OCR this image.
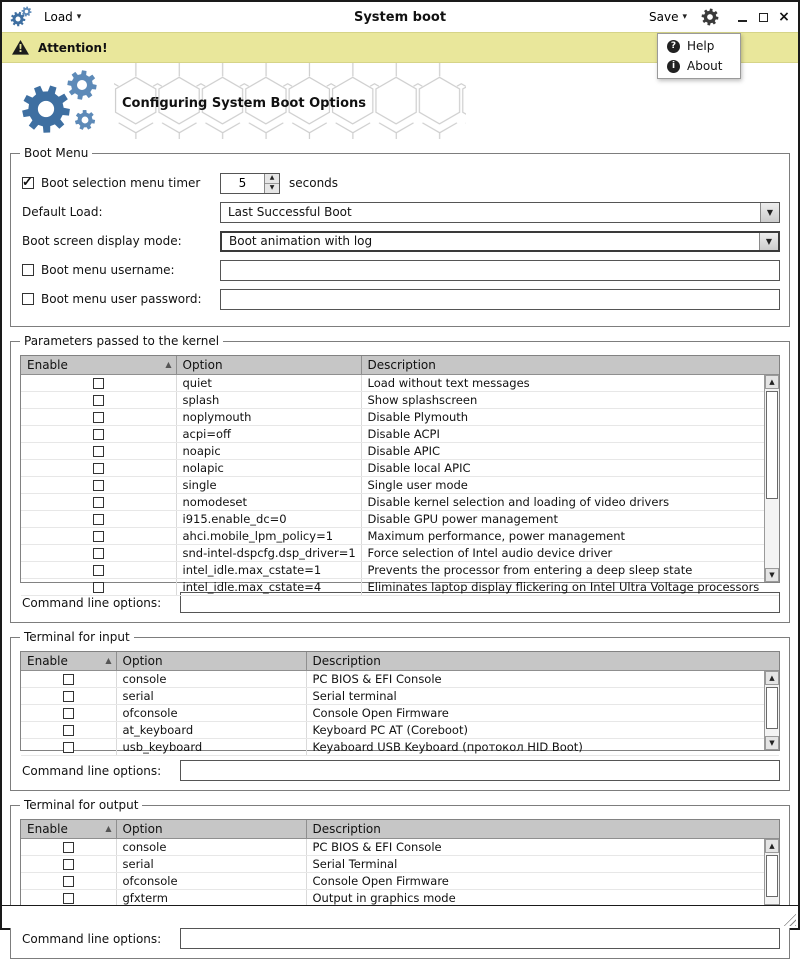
Load ▾	System boot	Save ▾	×
! Attention!	? Help
i About
Configuring System Boot Options
Boot Menu
Boot selection menu timer
5	▲
▼	seconds
Default Load:	Last Successful Boot	▼
Boot screen display mode:	Boot animation with log	▼
Boot menu username:
Boot menu user password:
Parameters passed to the kernel
Enable ▲	Option	Description
	quiet	Load without text messages
	splash	Show splashscreen
	noplymouth	Disable Plymouth
	acpi=off	Disable ACPI
	noapic	Disable APIC
	nolapic	Disable local APIC
	single	Single user mode
	nomodeset	Disable kernel selection and loading of video drivers
	i915.enable_dc=0	Disable GPU power management
	ahci.mobile_lpm_policy=1	Maximum performance, power management
	snd-intel-dspcfg.dsp_driver=1	Force selection of Intel audio device driver
	intel_idle.max_cstate=1	Prevents the processor from entering a deep sleep state
	intel_idle.max_cstate=4	Eliminates laptop display flickering on Intel Ultra Voltage processors
▲
▼
Command line options:
Terminal for input
Enable ▲	Option	Description
	console	PC BIOS & EFI Console
	serial	Serial terminal
	ofconsole	Console Open Firmware
	at_keyboard	Keyboard PC AT (Coreboot)
	usb_keyboard	Keyaboard USB Keyboard (протокол HID Boot)
▲
▼
Command line options:
Terminal for output
Enable ▲	Option	Description
	console	PC BIOS & EFI Console
	serial	Serial Terminal
	ofconsole	Console Open Firmware
	gfxterm	Output in graphics mode

▲
Command line options:
